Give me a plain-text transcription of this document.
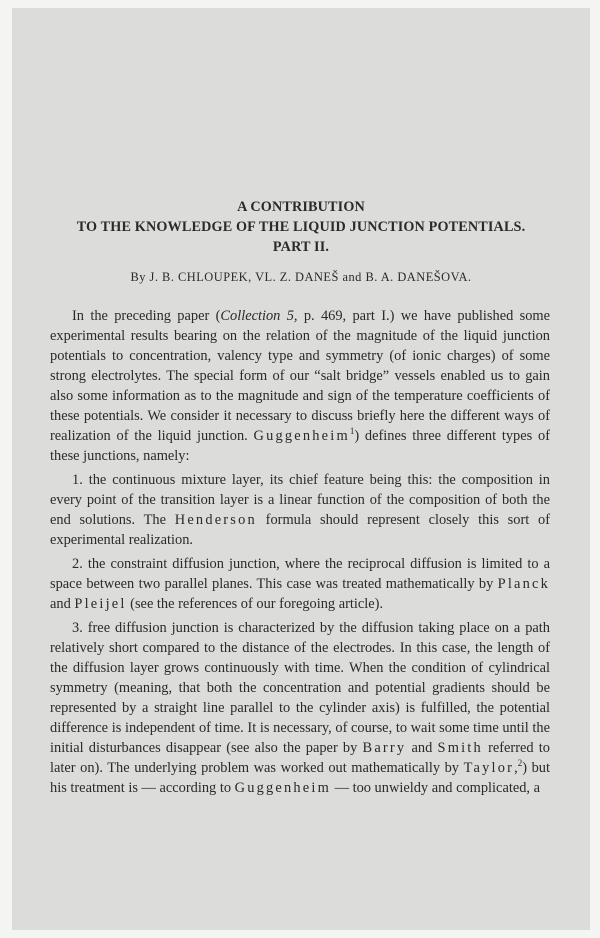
A CONTRIBUTION
TO THE KNOWLEDGE OF THE LIQUID JUNCTION POTENTIALS.
PART II.
By J. B. CHLOUPEK, VL. Z. DANEŠ and B. A. DANEŠOVA.

In the preceding paper (Collection 5, p. 469, part I.) we have published some experimental results bearing on the relation of the magnitude of the liquid junction potentials to concentration, valency type and symmetry (of ionic charges) of some strong electrolytes. The special form of our “salt bridge” vessels enabled us to gain also some information as to the magnitude and sign of the temperature coefficients of these potentials. We consider it necessary to discuss briefly here the different ways of realization of the liquid junction. Guggenheim$^1$) defines three different types of these junctions, namely:

1. the continuous mixture layer, its chief feature being this: the composition in every point of the transition layer is a linear function of the composition of both the end solutions. The Henderson formula should represent closely this sort of experimental realization.

2. the constraint diffusion junction, where the reciprocal diffusion is limited to a space between two parallel planes. This case was treated mathematically by Planck and Pleijel (see the references of our foregoing article).

3. free diffusion junction is characterized by the diffusion taking place on a path relatively short compared to the distance of the electrodes. In this case, the length of the diffusion layer grows continuously with time. When the condition of cylindrical symmetry (meaning, that both the concentration and potential gradients should be represented by a straight line parallel to the cylinder axis) is fulfilled, the potential difference is independent of time. It is necessary, of course, to wait some time until the initial disturbances disappear (see also the paper by Barry and Smith referred to later on). The underlying problem was worked out mathematically by Taylor,$^2$) but his treatment is — according to Guggenheim — too unwieldy and complicated, a
